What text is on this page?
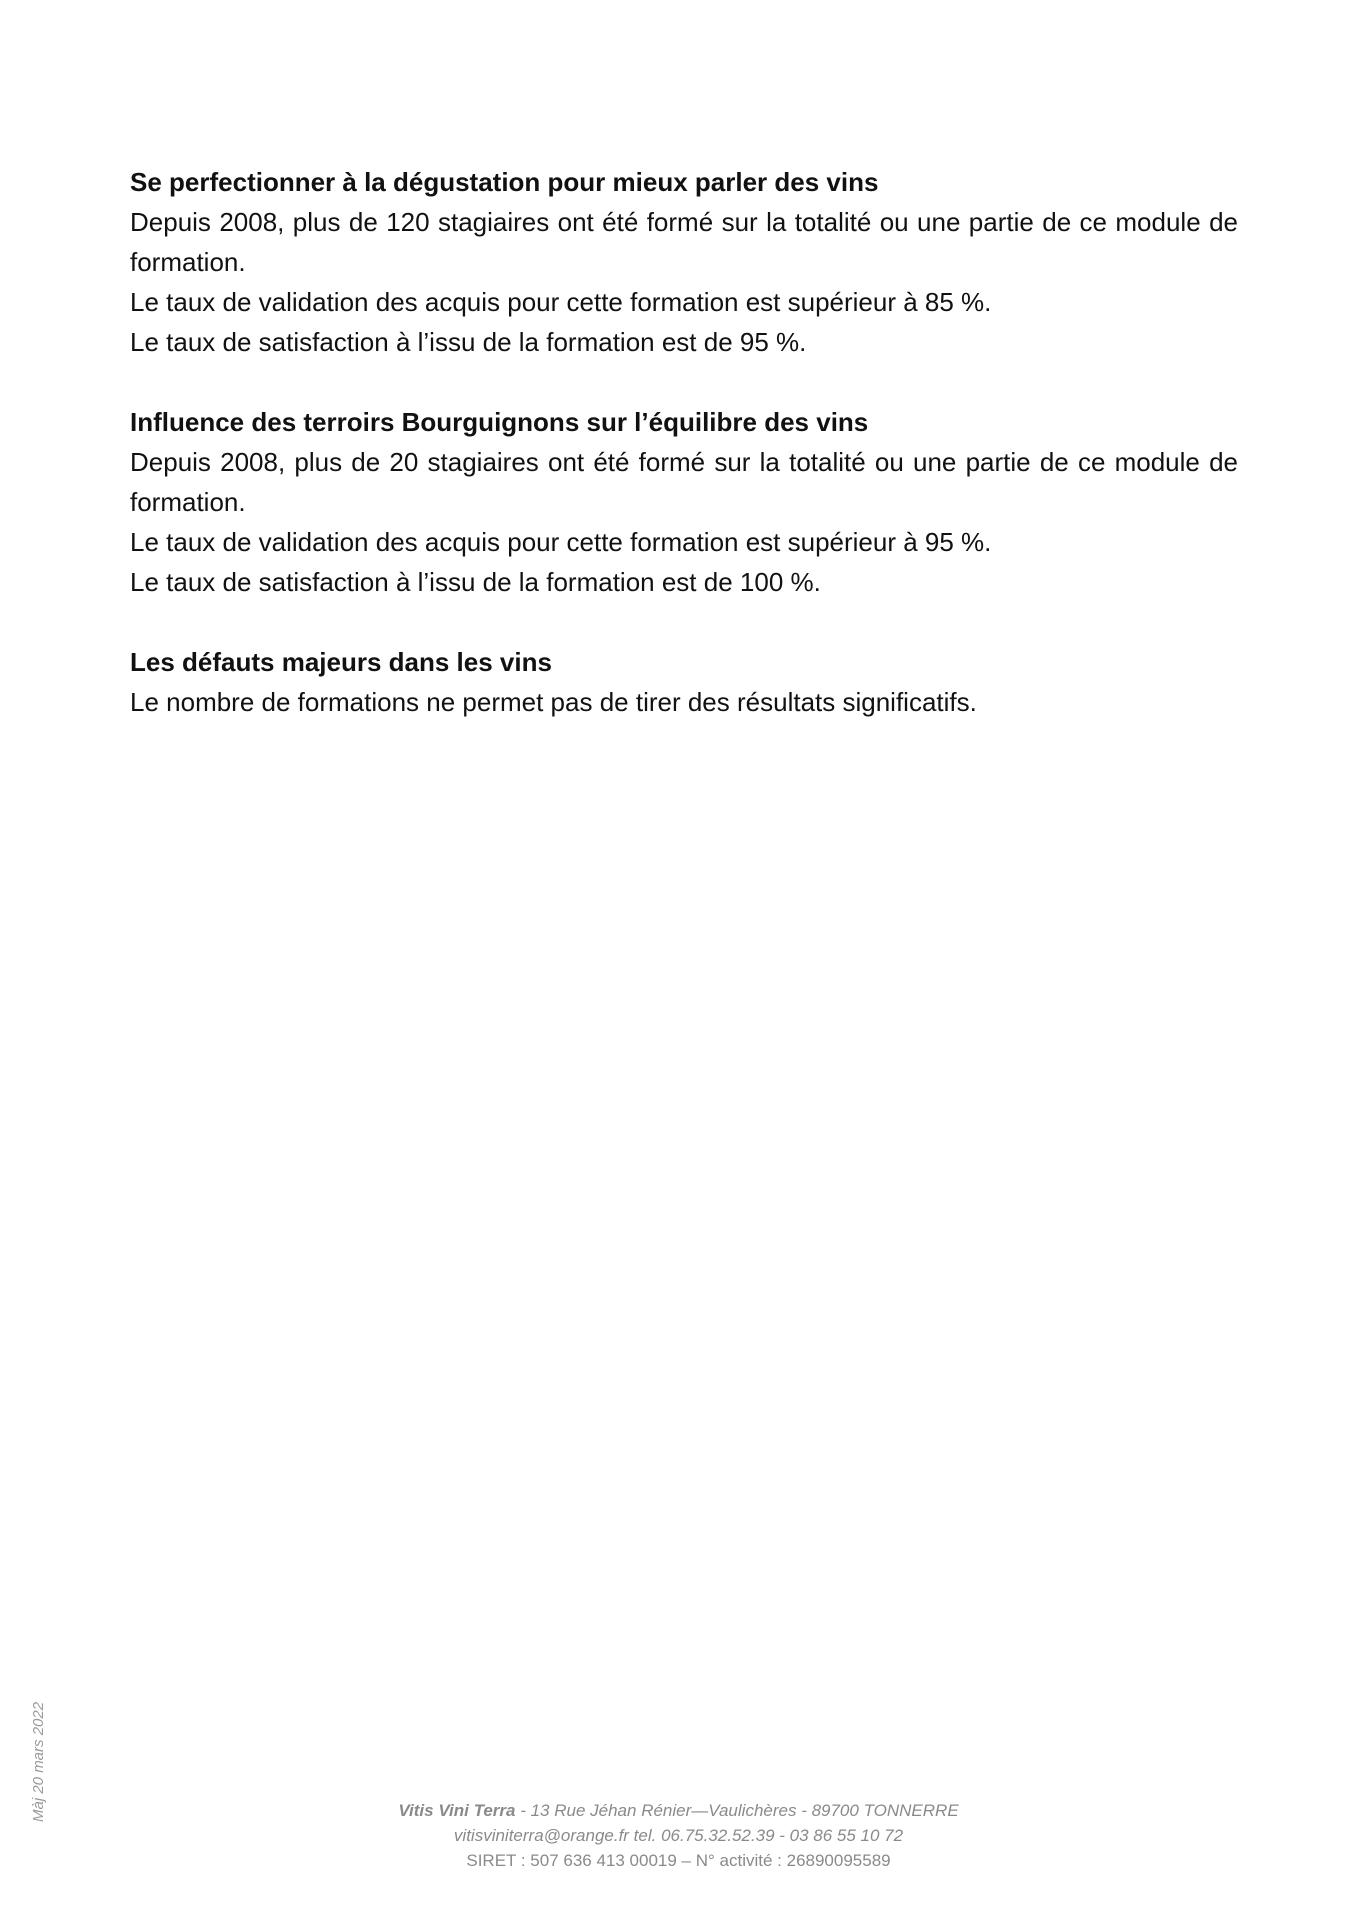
Se perfectionner à la dégustation pour mieux parler des vins

Depuis 2008, plus de 120 stagiaires ont été formé sur la totalité ou une partie de ce module de formation.

Le taux de validation des acquis pour cette formation est supérieur à 85 %.

Le taux de satisfaction à l’issu de la formation est de 95 %.

Influence des terroirs Bourguignons sur l’équilibre des vins

Depuis 2008, plus de 20 stagiaires ont été formé sur la totalité ou une partie de ce module de formation.

Le taux de validation des acquis pour cette formation est supérieur à 95 %.

Le taux de satisfaction à l’issu de la formation est de 100 %.

Les défauts majeurs dans les vins

Le nombre de formations ne permet pas de tirer des résultats significatifs.

Màj 20 mars 2022	Vitis Vini Terra - 13 Rue Jéhan Rénier—Vaulichères - 89700 TONNERRE
vitisviniterra@orange.fr tel. 06.75.32.52.39 - 03 86 55 10 72
SIRET : 507 636 413 00019 – N° activité : 26890095589
